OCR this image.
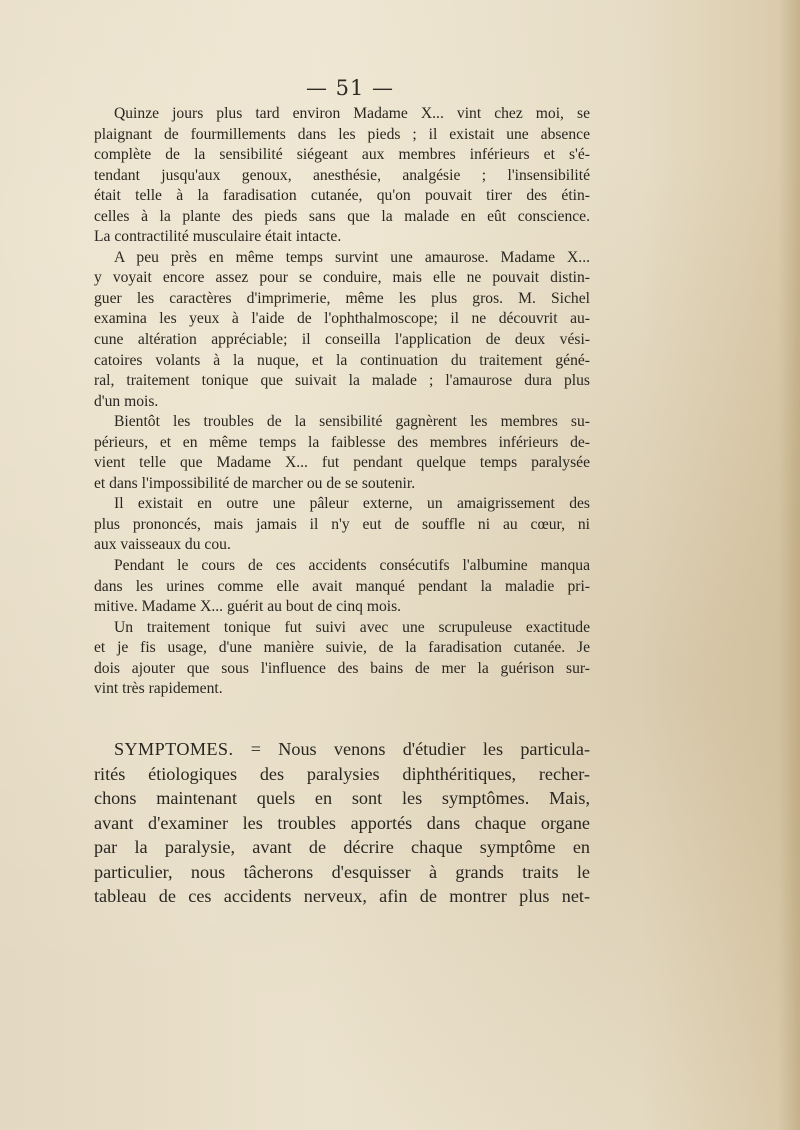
— 51 —
Quinze jours plus tard environ Madame X... vint chez moi, se
plaignant de fourmillements dans les pieds ; il existait une absence
complète de la sensibilité siégeant aux membres inférieurs et s'é-
tendant jusqu'aux genoux, anesthésie, analgésie ; l'insensibilité
était telle à la faradisation cutanée, qu'on pouvait tirer des étin-
celles à la plante des pieds sans que la malade en eût conscience.
La contractilité musculaire était intacte.
A peu près en même temps survint une amaurose. Madame X...
y voyait encore assez pour se conduire, mais elle ne pouvait distin-
guer les caractères d'imprimerie, même les plus gros. M. Sichel
examina les yeux à l'aide de l'ophthalmoscope; il ne découvrit au-
cune altération appréciable; il conseilla l'application de deux vési-
catoires volants à la nuque, et la continuation du traitement géné-
ral, traitement tonique que suivait la malade ; l'amaurose dura plus
d'un mois.
Bientôt les troubles de la sensibilité gagnèrent les membres su-
périeurs, et en même temps la faiblesse des membres inférieurs de-
vient telle que Madame X... fut pendant quelque temps paralysée
et dans l'impossibilité de marcher ou de se soutenir.
Il existait en outre une pâleur externe, un amaigrissement des
plus prononcés, mais jamais il n'y eut de souffle ni au cœur, ni
aux vaisseaux du cou.
Pendant le cours de ces accidents consécutifs l'albumine manqua
dans les urines comme elle avait manqué pendant la maladie pri-
mitive. Madame X... guérit au bout de cinq mois.
Un traitement tonique fut suivi avec une scrupuleuse exactitude
et je fis usage, d'une manière suivie, de la faradisation cutanée. Je
dois ajouter que sous l'influence des bains de mer la guérison sur-
vint très rapidement.
SYMPTOMES. = Nous venons d'étudier les particula-
rités étiologiques des paralysies diphthéritiques, recher-
chons maintenant quels en sont les symptômes. Mais,
avant d'examiner les troubles apportés dans chaque organe
par la paralysie, avant de décrire chaque symptôme en
particulier, nous tâcherons d'esquisser à grands traits le
tableau de ces accidents nerveux, afin de montrer plus net-
